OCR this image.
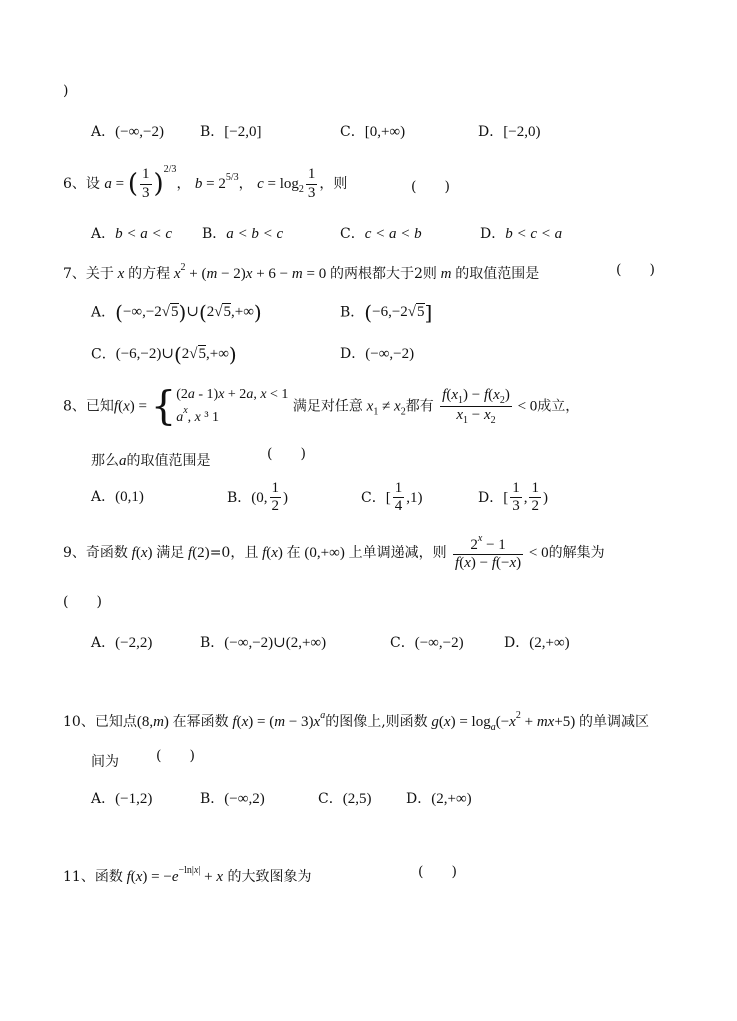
)
A．(−∞,−2)	B．[−2,0]	C．[0,+∞)	D．[−2,0)
6、设 a = ( $\frac{1}{3} )^{2/3}$， $b = 2^{5/3}$， $c = \log_2 \frac{1}{3}$ ，则	(　　)
A．b < a < c B．a < b < c	C．c < a < b	D．b < c < a
7、关于 x 的方程 $x^2 + (m - 2)x + 6 - m = 0$ 的两根都大于2则 m 的取值范围是	(　　)
A．(−∞,−2√5)∪(2√5,+∞)	B．(−6,−2√5]
C．(−6,−2)∪(2√5,+∞)	D．(−∞,−2)
8、已知f(x) = { (2a - 1)x + 2a, x < 1
$a^x$, x ³ 1
满足对任意 $x_1 \ne x_2$都有 $\frac{f(x_1) - f(x_2)}{x_1 - x_2} < 0$成立，
那么a的取值范围是	(　　)
A．(0,1)	B．(0, $\frac{1}{2}$ )	C．[ $\frac{1}{4} ,1$)	D．[ $\frac{1}{3}$ , $\frac{1}{2}$ )
9、奇函数 f(x) 满足 f(2)=0，且 f(x) 在 (0,+∞) 上单调递减，则 $\frac{2^x - 1}{f(x) - f(-x)} < 0$的解集为
(　　)
A．(−2,2)	B．(−∞,−2)∪(2,+∞)	C．(−∞,−2)	D．(2,+∞)
10、已知点(8,m) 在幂函数 $f(x) = (m - 3)x^a$的图像上,则函数 $g(x) = \log_a(-x^2 + mx+5)$ 的单调减区
间为	(　　)
A．(−1,2)	B．(−∞,2)	C．(2,5) D．(2,+∞)
11、函数 $f(x) = -e^{-ln|x|} + x$ 的大致图象为	(　　)
